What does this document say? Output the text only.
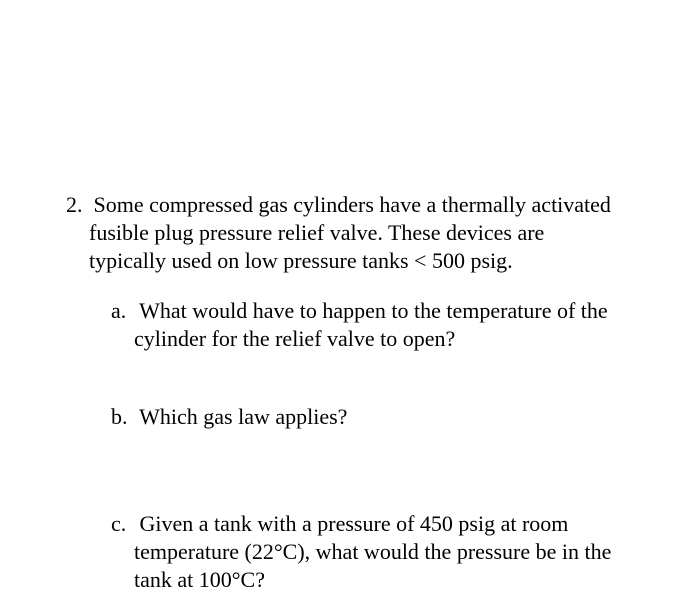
2. Some compressed gas cylinders have a thermally activated
fusible plug pressure relief valve. These devices are
typically used on low pressure tanks < 500 psig.
a. What would have to happen to the temperature of the
cylinder for the relief valve to open?
b. Which gas law applies?
c. Given a tank with a pressure of 450 psig at room
temperature (22°C), what would the pressure be in the
tank at 100°C?
